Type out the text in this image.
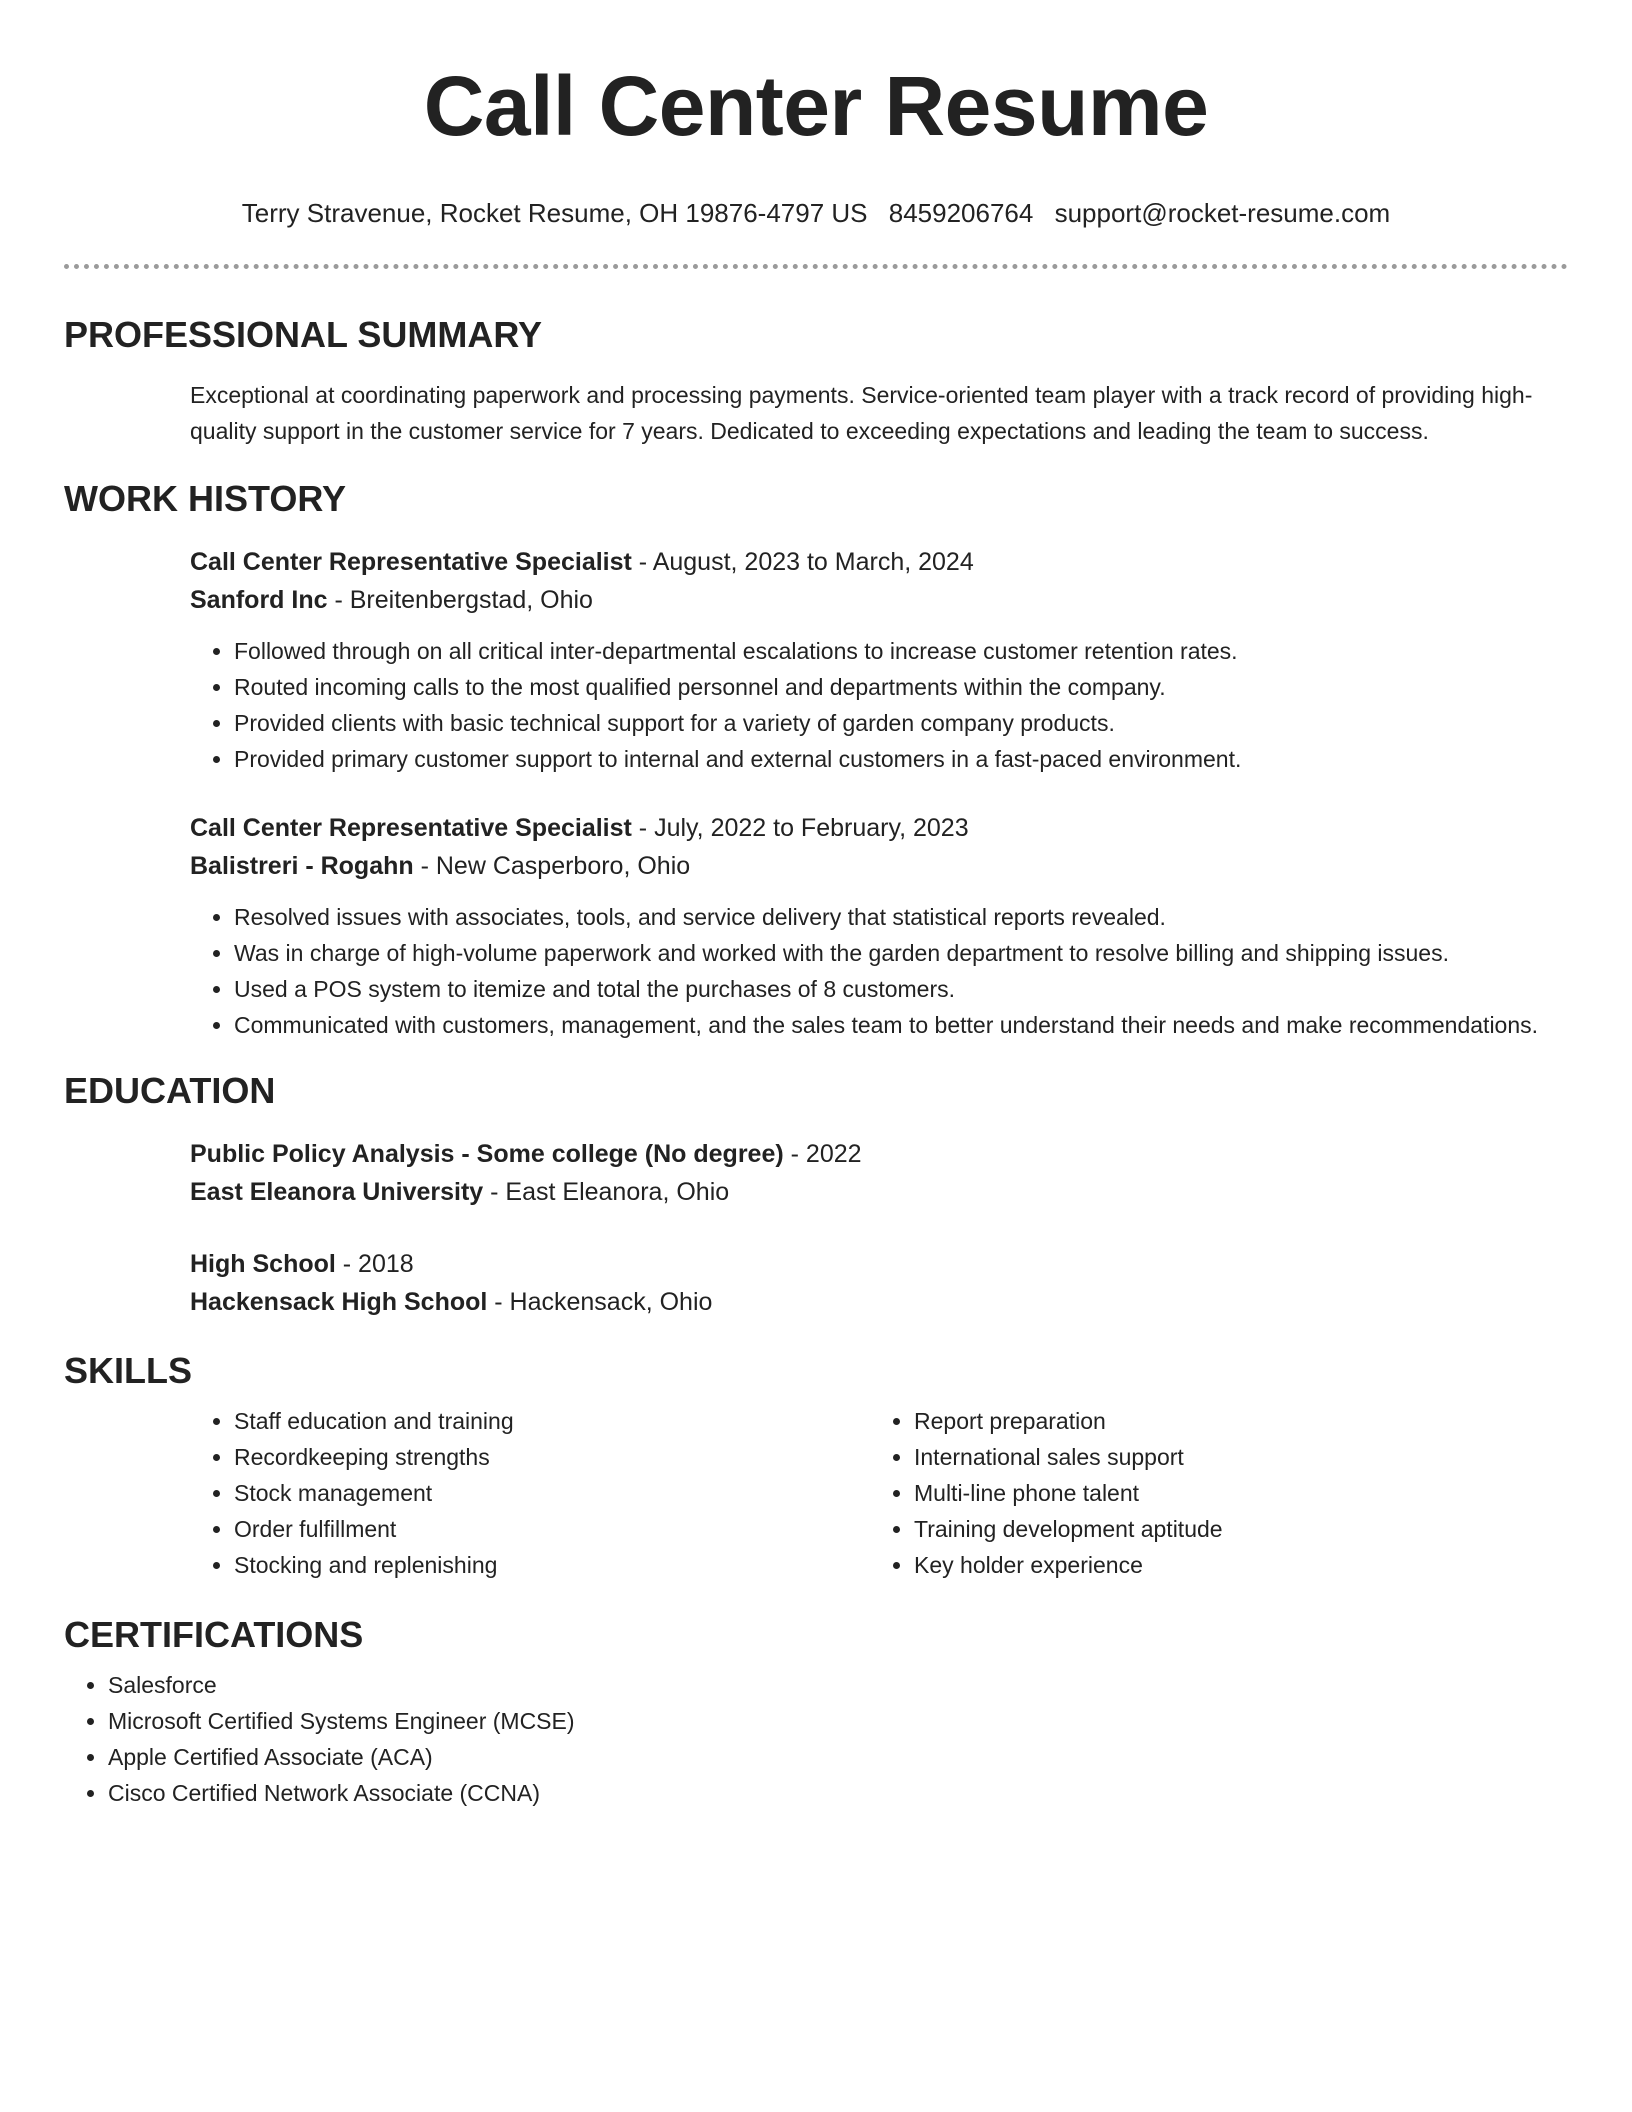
Call Center Resume
Terry Stravenue, Rocket Resume, OH 19876-4797 US 8459206764 support@rocket-resume.com
PROFESSIONAL SUMMARY

Exceptional at coordinating paperwork and processing payments. Service-oriented team player with a track record of providing high-quality support in the customer service for 7 years. Dedicated to exceeding expectations and leading the team to success.

WORK HISTORY
Call Center Representative Specialist - August, 2023 to March, 2024
Sanford Inc - Breitenbergstad, Ohio
• Followed through on all critical inter-departmental escalations to increase customer retention rates.
• Routed incoming calls to the most qualified personnel and departments within the company.
• Provided clients with basic technical support for a variety of garden company products.
• Provided primary customer support to internal and external customers in a fast-paced environment.
Call Center Representative Specialist - July, 2022 to February, 2023
Balistreri - Rogahn - New Casperboro, Ohio
• Resolved issues with associates, tools, and service delivery that statistical reports revealed.
• Was in charge of high-volume paperwork and worked with the garden department to resolve billing and shipping issues.
• Used a POS system to itemize and total the purchases of 8 customers.
• Communicated with customers, management, and the sales team to better understand their needs and make recommendations.
EDUCATION
Public Policy Analysis - Some college (No degree) - 2022
East Eleanora University - East Eleanora, Ohio
High School - 2018
Hackensack High School - Hackensack, Ohio
SKILLS
• Staff education and training
• Recordkeeping strengths
• Stock management
• Order fulfillment
• Stocking and replenishing
• Report preparation
• International sales support
• Multi-line phone talent
• Training development aptitude
• Key holder experience
CERTIFICATIONS
• Salesforce
• Microsoft Certified Systems Engineer (MCSE)
• Apple Certified Associate (ACA)
• Cisco Certified Network Associate (CCNA)
